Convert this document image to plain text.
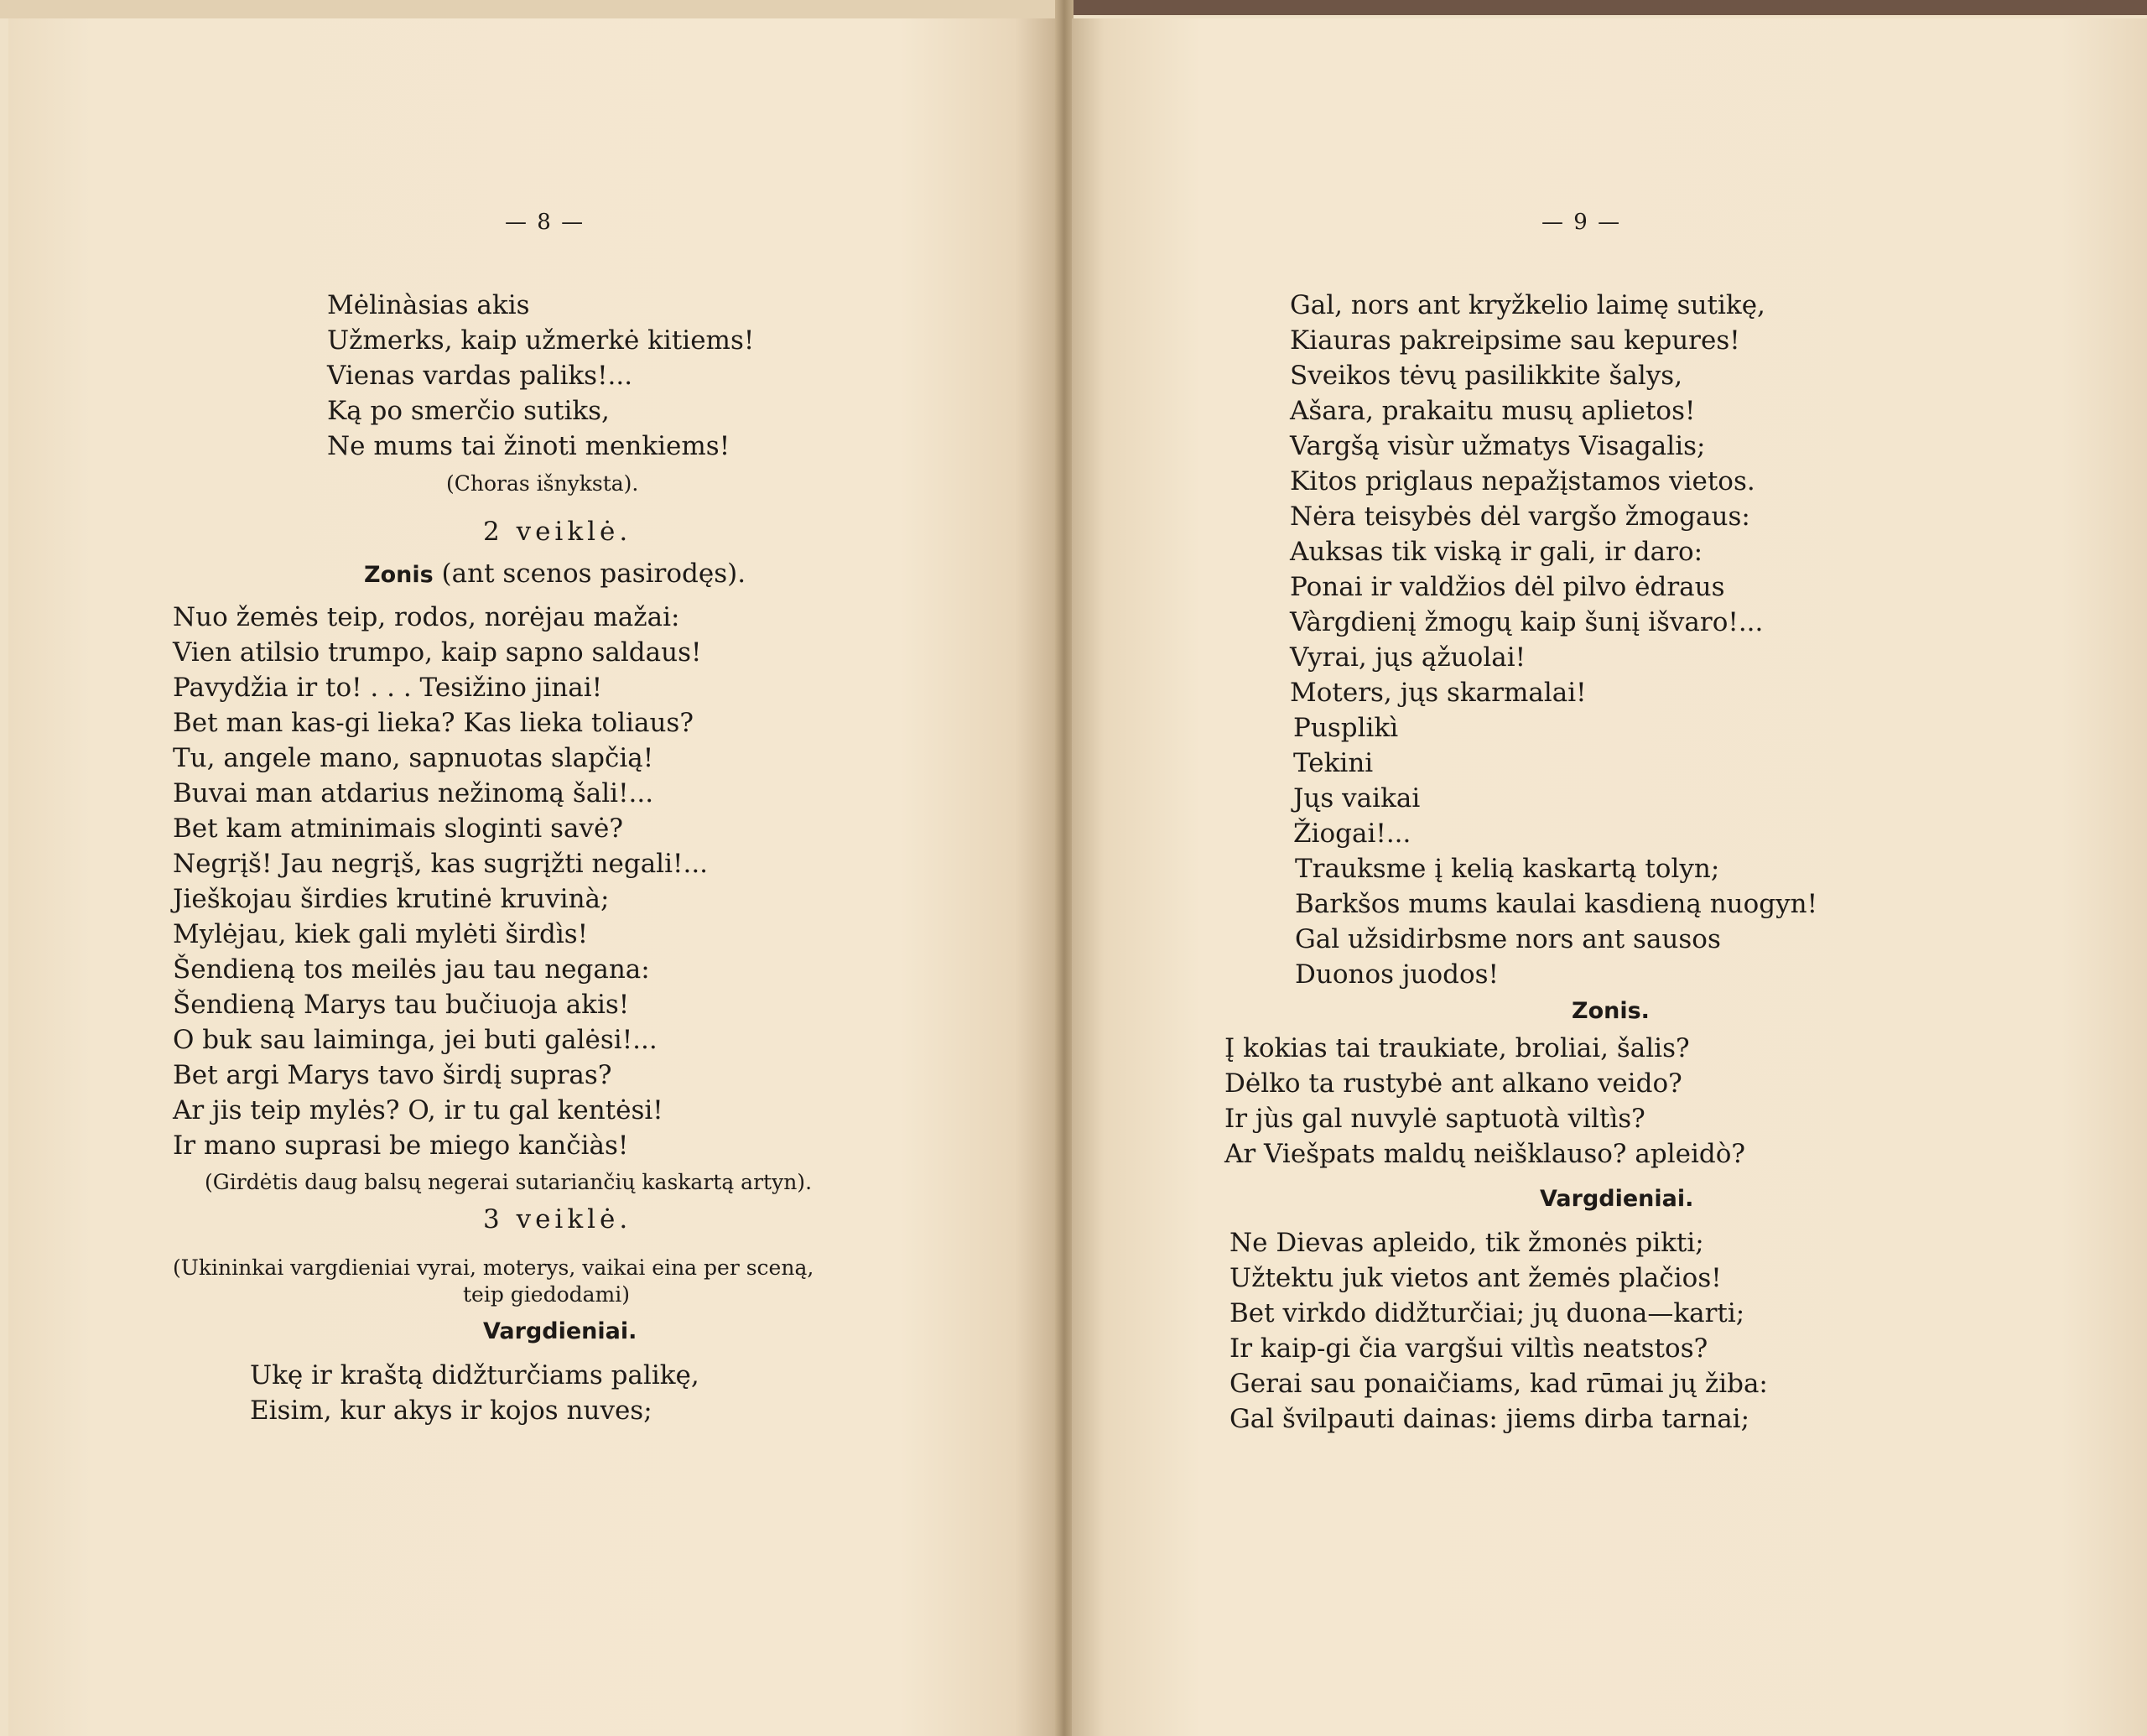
— 8 —
Mėlinàsias akis
Užmerks, kaip užmerkė kitiems!
Vienas vardas paliks!...
Ką po smerčio sutiks,
Ne mums tai žinoti menkiems!
(Choras išnyksta).
2 veiklė.
Zonis (ant scenos pasirodęs).
Nuo žemės teip, rodos, norėjau mažai:
Vien atilsio trumpo, kaip sapno saldaus!
Pavydžia ir to! . . . Tesižino jinai!
Bet man kas-gi lieka? Kas lieka toliaus?
Tu, angele mano, sapnuotas slapčią!
Buvai man atdarius nežinomą šali!...
Bet kam atminimais sloginti savė?
Negrįš! Jau negrįš, kas sugrįžti negali!...
Jieškojau širdies krutinė kruvinà;
Mylėjau, kiek gali mylėti širdìs!
Šendieną tos meilės jau tau negana:
Šendieną Marys tau bučiuoja akis!
O buk sau laiminga, jei buti galėsi!...
Bet argi Marys tavo širdį supras?
Ar jis teip mylės? O, ir tu gal kentėsi!
Ir mano suprasi be miego kančiàs!
(Girdėtis daug balsų negerai sutariančių kaskartą artyn).
3 veiklė.
(Ukininkai vargdieniai vyrai, moterys, vaikai eina per sceną,
teip giedodami)
Vargdieniai.
Ukę ir kraštą didžturčiams palikę,
Eisim, kur akys ir kojos nuves;
— 9 —
Gal, nors ant kryžkelio laimę sutikę,
Kiauras pakreipsime sau kepures!
Sveikos tėvų pasilikkite šalys,
Ašara, prakaitu musų aplietos!
Vargšą visùr užmatys Visagalis;
Kitos priglaus nepažįstamos vietos.
Nėra teisybės dėl vargšo žmogaus:
Auksas tik viską ir gali, ir daro:
Ponai ir valdžios dėl pilvo ėdraus
Vàrgdienį žmogų kaip šunį išvaro!...
Vyrai, jųs ąžuolai!
Moters, jųs skarmalai!
Pusplikì
Tekini
Jųs vaikai
Žiogai!...
Trauksme į kelią kaskartą tolyn;
Barkšos mums kaulai kasdieną nuogyn!
Gal užsidirbsme nors ant sausos
Duonos juodos!
Zonis.
Į kokias tai traukiate, broliai, šalis?
Dėlko ta rustybė ant alkano veido?
Ir jùs gal nuvylė saptuotà viltìs?
Ar Viešpats maldų neišklauso? apleidò?
Vargdieniai.
Ne Dievas apleido, tik žmonės pikti;
Užtektu juk vietos ant žemės plačios!
Bet virkdo didžturčiai; jų duona—karti;
Ir kaip-gi čia vargšui viltìs neatstos?
Gerai sau ponaičiams, kad rūmai jų žiba:
Gal švilpauti dainas: jiems dirba tarnai;
